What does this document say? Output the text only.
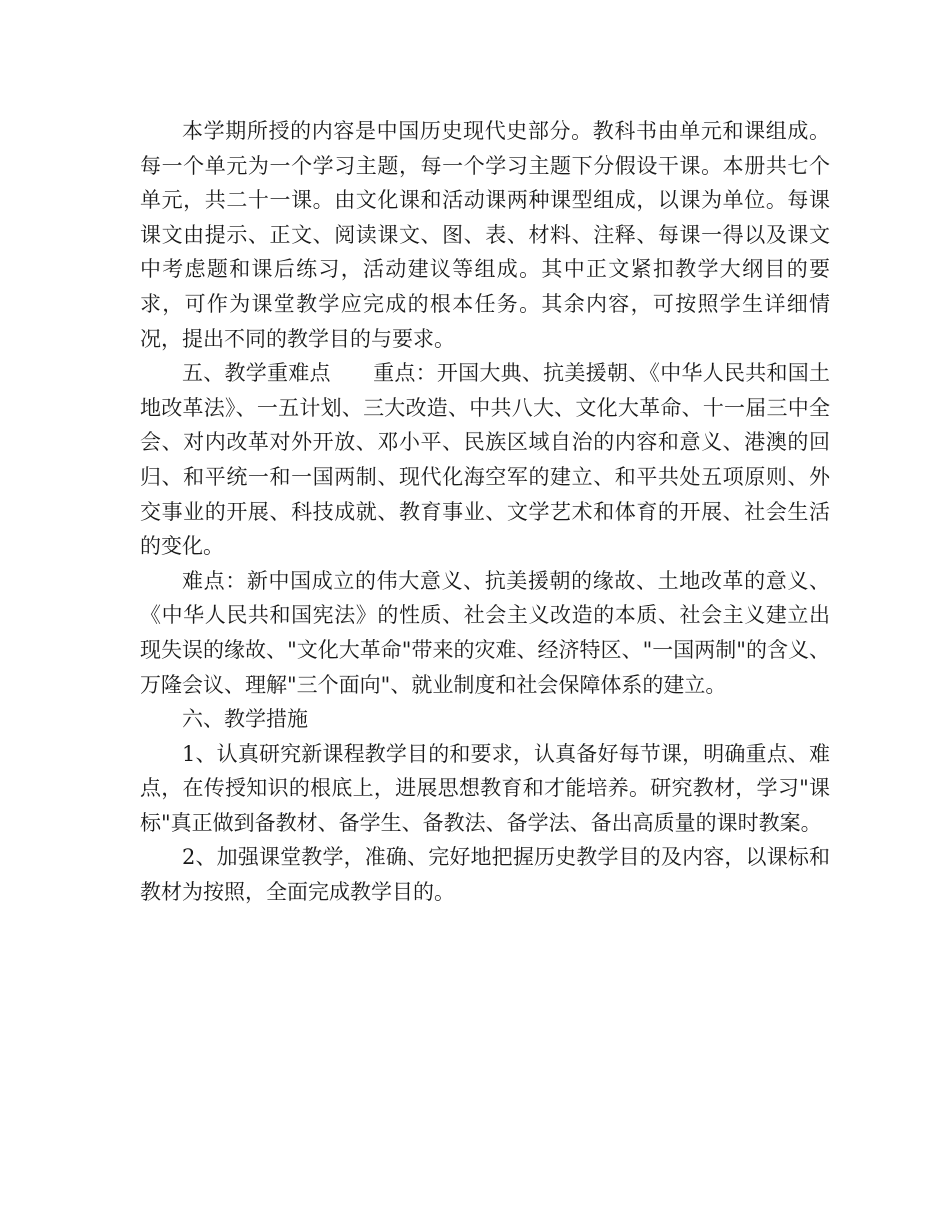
本学期所授的内容是中国历史现代史部分。教科书由单元和课组成。每一个单元为一个学习主题，每一个学习主题下分假设干课。本册共七个单元，共二十一课。由文化课和活动课两种课型组成，以课为单位。每课课文由提示、正文、阅读课文、图、表、材料、注释、每课一得以及课文中考虑题和课后练习，活动建议等组成。其中正文紧扣教学大纲目的要求，可作为课堂教学应完成的根本任务。其余内容，可按照学生详细情况，提出不同的教学目的与要求。

五、教学重难点 重点：开国大典、抗美援朝、《中华人民共和国土地改革法》、一五计划、三大改造、中共八大、文化大革命、十一届三中全会、对内改革对外开放、邓小平、民族区域自治的内容和意义、港澳的回归、和平统一和一国两制、现代化海空军的建立、和平共处五项原则、外交事业的开展、科技成就、教育事业、文学艺术和体育的开展、社会生活的变化。

难点：新中国成立的伟大意义、抗美援朝的缘故、土地改革的意义、《中华人民共和国宪法》的性质、社会主义改造的本质、社会主义建立出现失误的缘故、"文化大革命"带来的灾难、经济特区、"一国两制"的含义、万隆会议、理解"三个面向"、就业制度和社会保障体系的建立。

六、教学措施

1、认真研究新课程教学目的和要求，认真备好每节课，明确重点、难点，在传授知识的根底上，进展思想教育和才能培养。研究教材，学习"课标"真正做到备教材、备学生、备教法、备学法、备出高质量的课时教案。

2、加强课堂教学，准确、完好地把握历史教学目的及内容，以课标和教材为按照，全面完成教学目的。
